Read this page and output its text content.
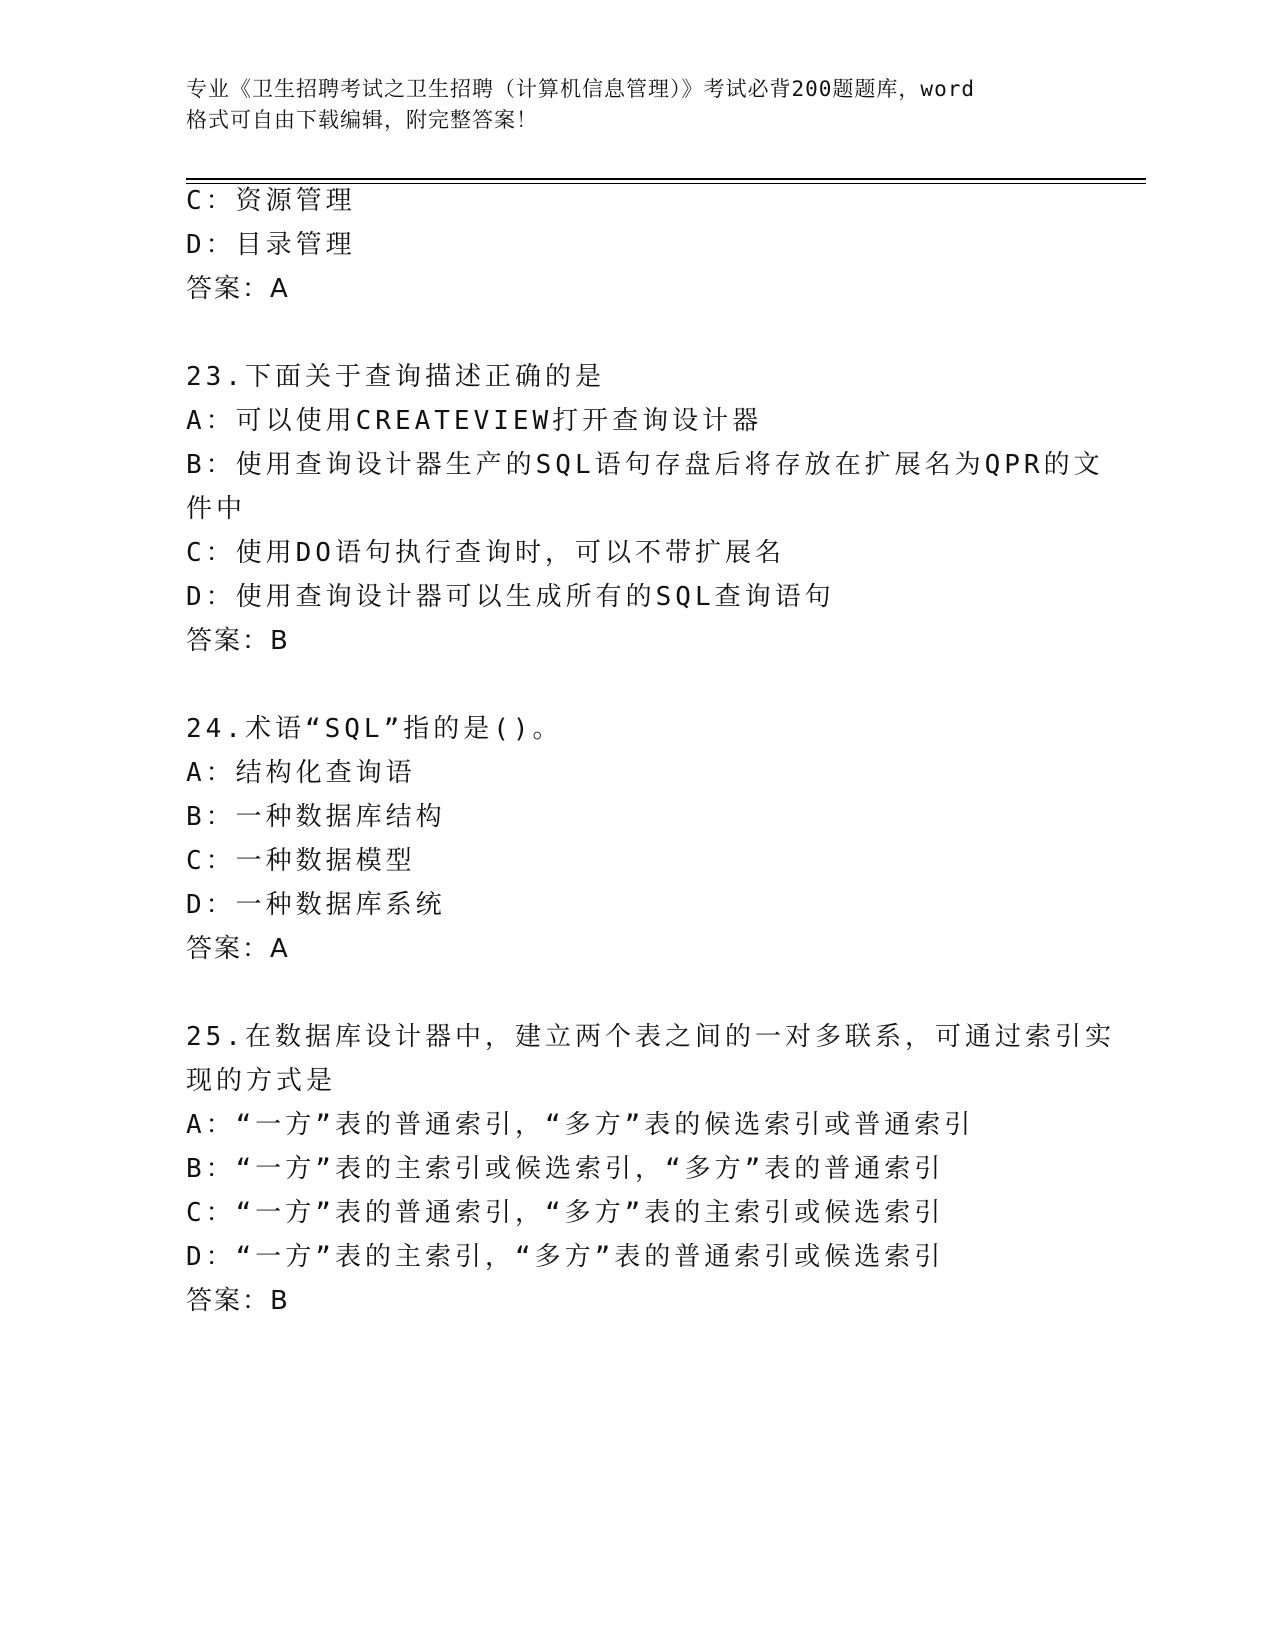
专业《卫生招聘考试之卫生招聘（计算机信息管理）》考试必背200题题库，word
格式可自由下载编辑，附完整答案！
C：资源管理
D：目录管理
答案：A
23.下面关于查询描述正确的是
A：可以使用CREATEVIEW打开查询设计器
B：使用查询设计器生产的SQL语句存盘后将存放在扩展名为QPR的文
件中
C：使用DO语句执行查询时，可以不带扩展名
D：使用查询设计器可以生成所有的SQL查询语句
答案：B
24.术语“SQL”指的是()。
A：结构化查询语
B：一种数据库结构
C：一种数据模型
D：一种数据库系统
答案：A
25.在数据库设计器中，建立两个表之间的一对多联系，可通过索引实
现的方式是
A：“一方”表的普通索引，“多方”表的候选索引或普通索引
B：“一方”表的主索引或候选索引，“多方”表的普通索引
C：“一方”表的普通索引，“多方”表的主索引或候选索引
D：“一方”表的主索引，“多方”表的普通索引或候选索引
答案：B
